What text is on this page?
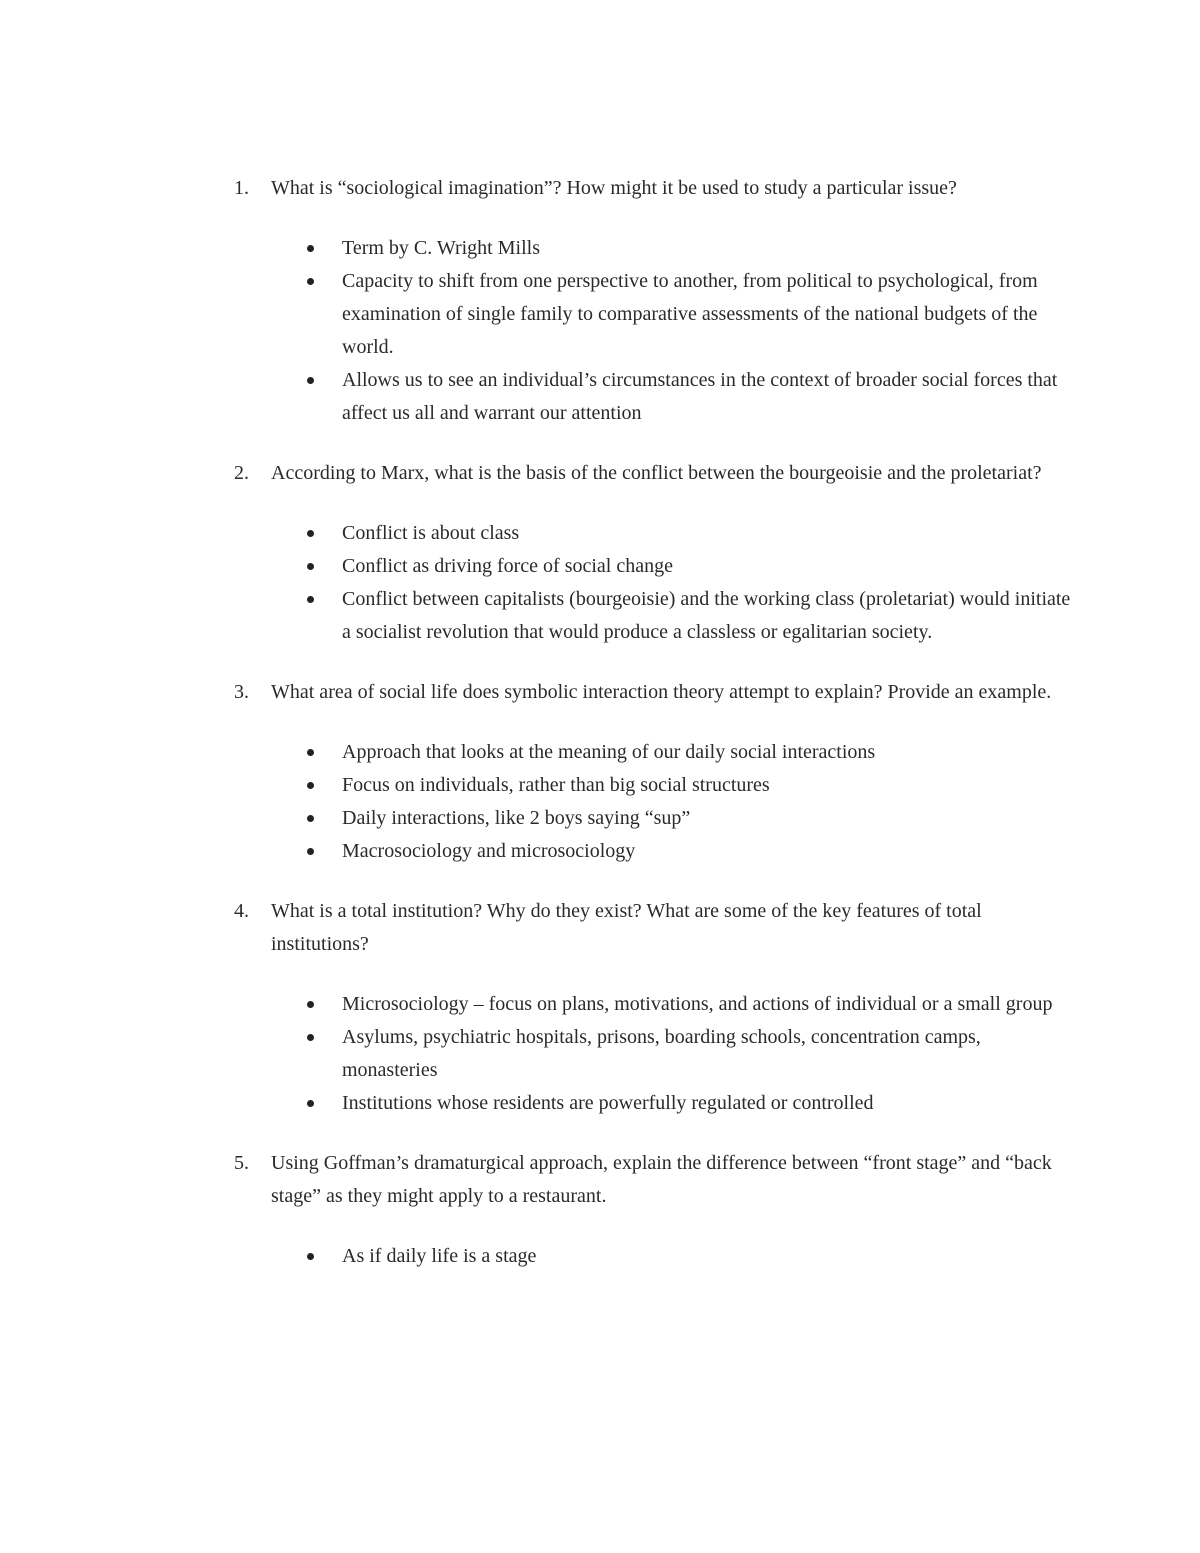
1.	What is “sociological imagination”? How might it be used to study a particular issue?
Term by C. Wright Mills
Capacity to shift from one perspective to another, from political to psychological, from examination of single family to comparative assessments of the national budgets of the world.
Allows us to see an individual’s circumstances in the context of broader social forces that affect us all and warrant our attention
2.	According to Marx, what is the basis of the conflict between the bourgeoisie and the proletariat?
Conflict is about class
Conflict as driving force of social change
Conflict between capitalists (bourgeoisie) and the working class (proletariat) would initiate a socialist revolution that would produce a classless or egalitarian society.
3.	What area of social life does symbolic interaction theory attempt to explain? Provide an example.
Approach that looks at the meaning of our daily social interactions
Focus on individuals, rather than big social structures
Daily interactions, like 2 boys saying “sup”
Macrosociology and microsociology
4.	What is a total institution? Why do they exist? What are some of the key features of total institutions?
Microsociology – focus on plans, motivations, and actions of individual or a small group
Asylums, psychiatric hospitals, prisons, boarding schools, concentration camps, monasteries
Institutions whose residents are powerfully regulated or controlled
5.	Using Goffman’s dramaturgical approach, explain the difference between “front stage” and “back stage” as they might apply to a restaurant.
As if daily life is a stage
